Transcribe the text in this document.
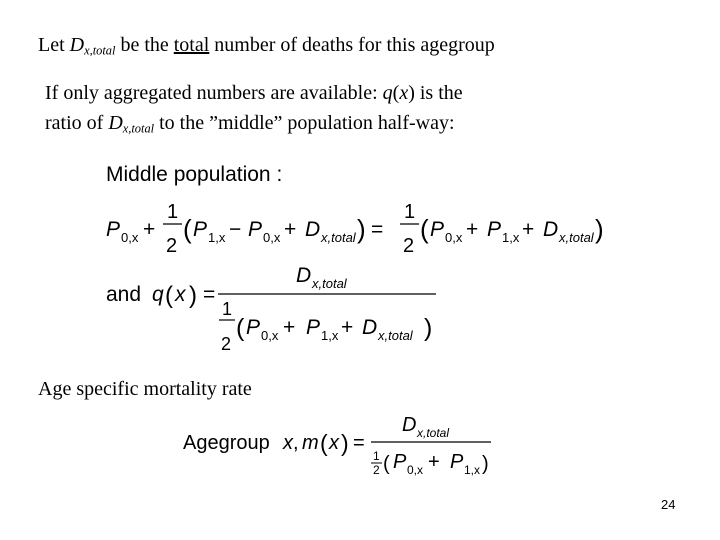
Let $D_{x,total}$ be the total number of deaths for this agegroup
If only aggregated numbers are available: q(x) is the
ratio of $D_{x,total}$ to the ”middle” population half-way:
Middle population :
P 0,x +
1
2
( P 1,x − P 0,x + D x,total ) =
1
2
( P 0,x + P 1,x + D x,total )
and q ( x ) =
D x,total
1
2
( P 0,x + P 1,x + D x,total )
Agegroup x , m ( x ) =
D x,total
1
2 ( P 0,x + P 1,x )
Age specific mortality rate
24
